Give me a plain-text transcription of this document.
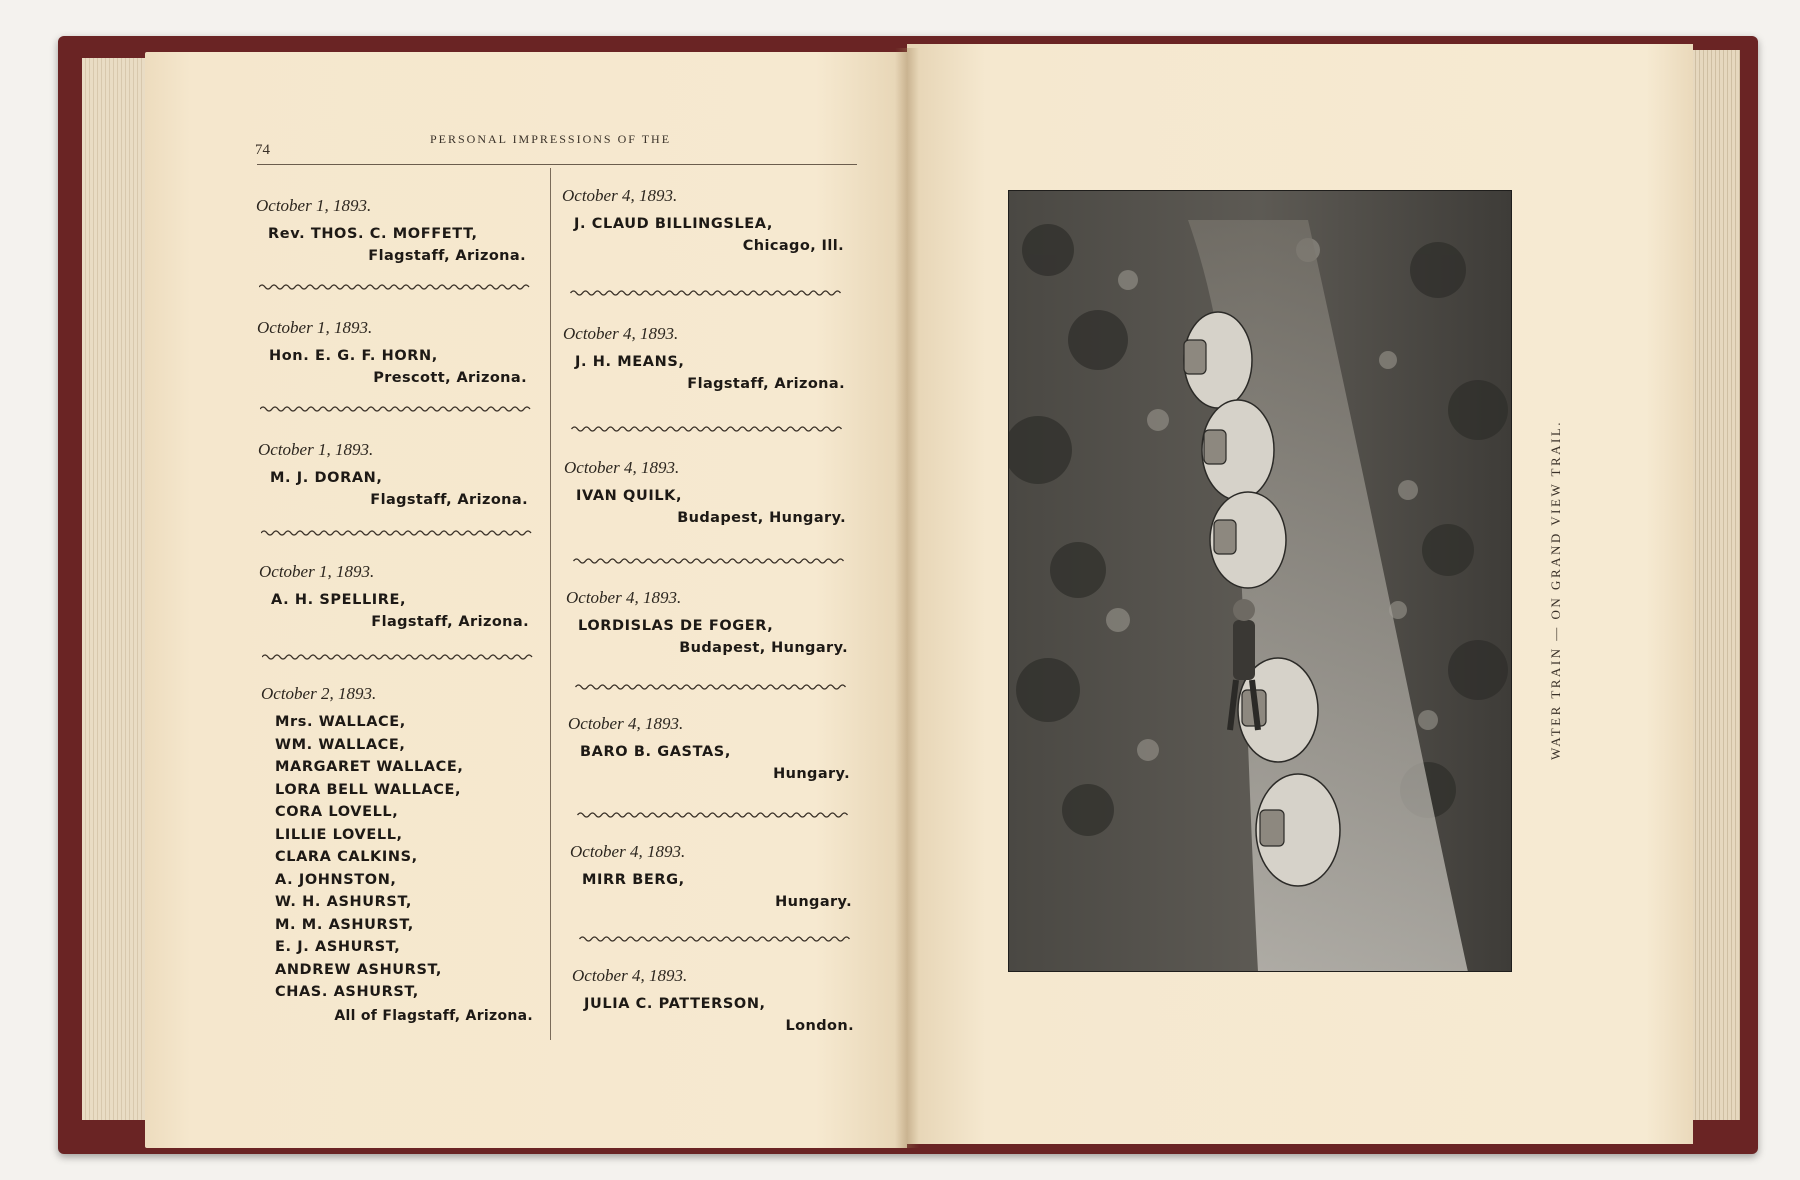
74
PERSONAL IMPRESSIONS OF THE
October 1, 1893.
Rev. THOS. C. MOFFETT,
Flagstaff, Arizona.
October 1, 1893.
Hon. E. G. F. HORN,
Prescott, Arizona.
October 1, 1893.
M. J. DORAN,
Flagstaff, Arizona.
October 1, 1893.
A. H. SPELLIRE,
Flagstaff, Arizona.
October 2, 1893.
Mrs. WALLACE,
WM. WALLACE,
MARGARET WALLACE,
LORA BELL WALLACE,
CORA LOVELL,
LILLIE LOVELL,
CLARA CALKINS,
A. JOHNSTON,
W. H. ASHURST,
M. M. ASHURST,
E. J. ASHURST,
ANDREW ASHURST,
CHAS. ASHURST,
All of Flagstaff, Arizona.
October 4, 1893.
J. CLAUD BILLINGSLEA,
Chicago, Ill.
October 4, 1893.
J. H. MEANS,
Flagstaff, Arizona.
October 4, 1893.
IVAN QUILK,
Budapest, Hungary.
October 4, 1893.
LORDISLAS DE FOGER,
Budapest, Hungary.
October 4, 1893.
BARO B. GASTAS,
Hungary.
October 4, 1893.
MIRR BERG,
Hungary.
October 4, 1893.
JULIA C. PATTERSON,
London.
WATER TRAIN — ON GRAND VIEW TRAIL.
